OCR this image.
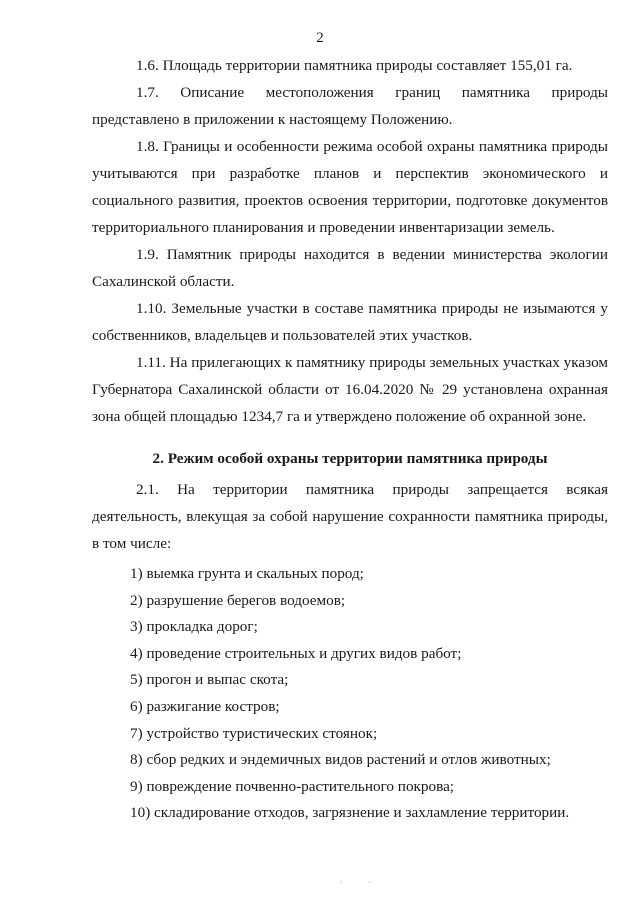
2

1.6. Площадь территории памятника природы составляет 155,01 га.

1.7. Описание местоположения границ памятника природы представлено в приложении к настоящему Положению.

1.8. Границы и особенности режима особой охраны памятника природы учитываются при разработке планов и перспектив экономического и социального развития, проектов освоения территории, подготовке документов территориального планирования и проведении инвентаризации земель.

1.9. Памятник природы находится в ведении министерства экологии Сахалинской области.

1.10. Земельные участки в составе памятника природы не изымаются у собственников, владельцев и пользователей этих участков.

1.11. На прилегающих к памятнику природы земельных участках указом Губернатора Сахалинской области от 16.04.2020 № 29 установлена охранная зона общей площадью 1234,7 га и утверждено положение об охранной зоне.

2. Режим особой охраны территории памятника природы

2.1. На территории памятника природы запрещается всякая деятельность, влекущая за собой нарушение сохранности памятника природы, в том числе:

1) выемка грунта и скальных пород;
2) разрушение берегов водоемов;
3) прокладка дорог;
4) проведение строительных и других видов работ;
5) прогон и выпас скота;
6) разжигание костров;
7) устройство туристических стоянок;
8) сбор редких и эндемичных видов растений и отлов животных;
9) повреждение почвенно-растительного покрова;
10) складирование отходов, загрязнение и захламление территории.
· ·
